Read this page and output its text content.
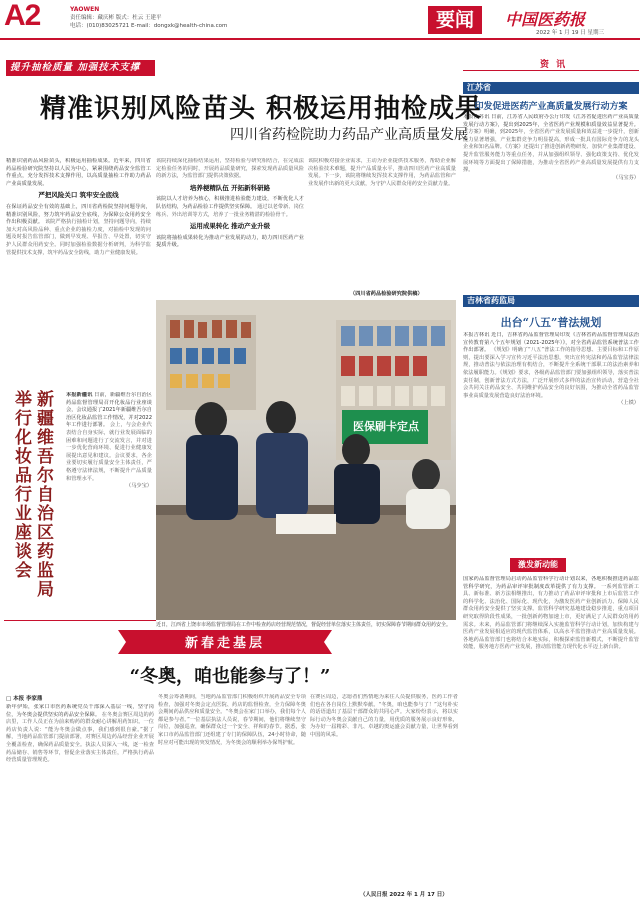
A2	YAOWEN
责任编辑：藏庆彬 版式：杜云 王建平
电话：(010)83025721 E-mail：dongxk@health-china.com	要闻	中国医药报
2022 年 1 月 19 日 星期三
提升抽检质量 加强技术支撑
精准识别风险苗头 积极运用抽检成果
四川省药检院助力药品产业高质量发展
精准识别药品风险苗头，积极运用抽检成果。近年来，四川省药品检验研究院坚持以人民为中心，紧紧围绕药品安全监管工作重点，充分发挥技术支撑作用，以高质量抽检工作助力药品产业高质量发展。
严把风险关口 筑牢安全底线
在保证药品安全有效的基础上，四川省药检院坚持问题导向，精准识别风险，努力筑牢药品安全底线，为保障公众用药安全作出积极贡献。 该院严格执行抽检计划，坚持问题导向，持续加大对高风险品种、重点企业的抽检力度，对抽检中发现的问题及时报告监管部门，做到早发现、早报告、早处置，切实守护人民群众用药安全。同时加强检验数据分析研判，为科学监管提供技术支撑，筑牢药品安全防线，助力产业健康发展。
该院持续深化抽检结果运用，坚持检验与研究相结合，在完成法定检验任务的同时，开展药品质量研究，探索发现药品质量风险的新方法，为监管部门提供决策依据。
培养梗精队伍 开拓新科研路
该院以人才培养为核心，积极推进检验能力建设，不断优化人才队伍结构，为药品检验工作提供坚实保障。 通过以老带新、岗位练兵、外出培训等方式，培养了一批业务精湛的检验骨干。
运用成果转化 推动产业升级
该院将抽检成果转化为推动产业发展的动力，助力四川医药产业提质升级。
该院积极对接企业需求，主动为企业提供技术服务，帮助企业解决检验技术难题，提升产品质量水平，推动四川医药产业高质量发展。下一步，该院将继续发挥技术支撑作用，为药品监管和产业发展作出新的更大贡献，为守护人民群众用药安全贡献力量。
（四川省药品检验研究院供稿）
新疆维吾尔自治区药监局举行化妆品行业座谈会	本报新疆讯 日前，新疆维吾尔自治区药品监督管理局召开化妆品行业座谈会，会议通报了2021年新疆维吾尔自治区化妆品监管工作情况，并对2022年工作进行部署。 会上，与会企业代表结合自身实际，就行业发展面临的困难和问题进行了交流发言，并对进一步优化营商环境、促进行业健康发展提出意见和建议。会议要求，各企业要切实履行质量安全主体责任，严格遵守法律法规，不断提升产品质量和管理水平。
（马少宝）
医保刷卡定点
近日，江西省上饶市市场监督管理局在工作中检查药店经营规范情况，督促经营单位落实主体责任，切实保障春节期间群众用药安全。
资 讯
江苏省
印发促进医药产业高质量发展行动方案
本报江苏讯 日前，江苏省人民政府办公厅印发《江苏省促进医药产业高质量发展行动方案》，提出到2025年，全省医药产业规模和质量效益显著提升。 《方案》明确，到2025年，全省医药产业发展质量和效益进一步提升，创新能力显著增强，产业集群竞争力明显提高，形成一批具有国际竞争力的龙头企业和知名品牌。《方案》还提出了推进创新药物研发、加快产业集群建设、提升监管服务能力等重点任务，并从加强组织领导、强化政策支持、优化发展环境等方面提出了保障措施，为推动全省医药产业高质量发展提供有力支撑。
（马宝芬）
吉林省药监局
出台“八五”普法规划
本报吉林讯 近日，吉林省药品监督管理局印发《吉林省药品监督管理局法治宣传教育第八个五年规划（2021-2025年）》，对全省药品监管系统普法工作作出部署。 《规划》明确了“八五”普法工作的指导思想、主要目标和工作原则，提出要深入学习宣传习近平法治思想，突出宣传宪法和药品监管法律法规，推动普法与依法治理有机结合，不断提升全系统干部职工的法治素养和依法履职能力。《规划》要求，各级药品监管部门要加强组织领导，落实普法责任制，创新普法方式方法，广泛开展形式多样的法治宣传活动，营造全社会共同关注药品安全、共同维护药品安全的良好氛围，为推动全省药品监管事业高质量发展营造良好法治环境。
（上铁）
激发新动能
国家药品监督管理局启动药品监管科学行动计划以来，各地积极推进药品监管科学研究，为药品审评审批制度改革提供了有力支撑。 一系列监管新工具、新标准、新方法相继推出，有力推动了药品审评审批和上市后监管工作的科学化、法治化、国际化、现代化，为激发医药产业创新活力、保障人民群众用药安全提供了坚实支撑。监管科学研究基地建设稳步推进，重点项目研究取得阶段性成果，一批创新药物加速上市，更好满足了人民群众的用药需求。未来，药品监管部门将继续深入实施监管科学行动计划，加快构建与医药产业发展相适应的现代监管体系，以高水平监管推动产业高质量发展。各地药品监管部门也将结合本地实际，积极探索监管新模式，不断提升监管效能，服务地方医药产业发展，推动监管能力现代化水平迈上新台阶。
新春走基层
“冬奥，咱也能参与了！”
□ 本报 李家鼎
新年伊始，张家口市医药系统党员干部深入基层一线，坚守岗位，为冬奥会提供坚实的药品安全保障。 在冬奥会赛区周边的药店里，工作人员正在为前来购药的群众耐心讲解用药知识。一位药店负责人说：“能为冬奥会做点事，我们感到很自豪。”据了解，当地药品监管部门提前部署，对赛区周边药品经营企业开展全覆盖检查，确保药品质量安全。执法人员深入一线，逐一检查药品储存、销售等环节，督促企业落实主体责任，严格执行药品经营质量管理规范。
冬奥会筹备期间，当地药品监管部门积极组织开展药品安全专项检查，加强对冬奥会定点医院、药店的监督检查，全力保障冬奥会期间药品供应和质量安全。“冬奥会在家门口举办，我们每个人都是参与者。”一位基层执法人员说，春节期间，他们将继续坚守岗位，加强巡查，确保群众过一个安全、祥和的春节。据悉，张家口市药品监管部门还组建了专门的保障队伍，24小时待命，随时应对可能出现的突发情况，为冬奥会的顺利举办保驾护航。
在赛区周边，志愿者们热情地为来往人员提供服务，医药工作者们也在各自岗位上默默奉献。“冬奥，咱也能参与了！”这句朴实的话语道出了基层干部群众的共同心声。大家纷纷表示，将以实际行动为冬奥会贡献自己的力量，用优质的服务展示良好形象，为办好一届精彩、非凡、卓越的奥运盛会贡献力量，让世界看到中国的风采。
（人民日报 2022 年 1 月 17 日）
